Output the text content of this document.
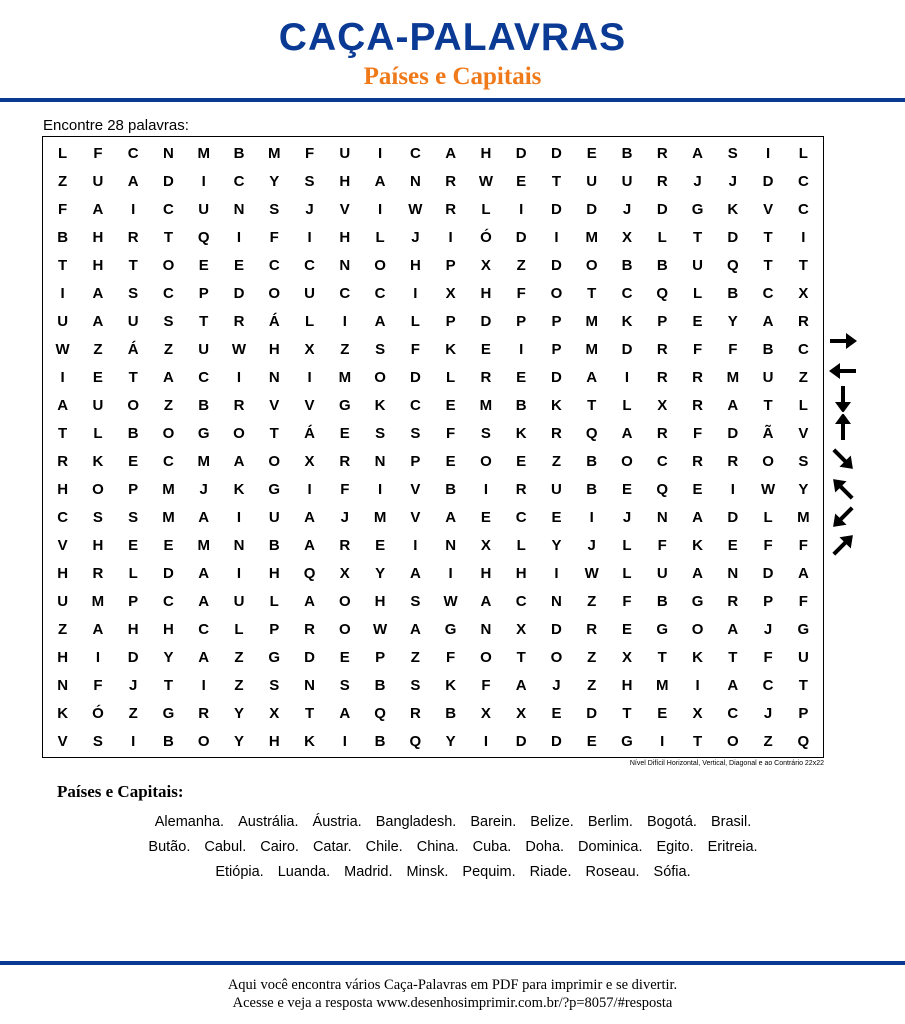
CAÇA-PALAVRAS
Países e Capitais
Encontre 28 palavras:
L	F	C	N	M	B	M	F	U	I	C	A	H	D	D	E	B	R	A	S	I	L
Z	U	A	D	I	C	Y	S	H	A	N	R	W	E	T	U	U	R	J	J	D	C
F	A	I	C	U	N	S	J	V	I	W	R	L	I	D	D	J	D	G	K	V	C
B	H	R	T	Q	I	F	I	H	L	J	I	Ó	D	I	M	X	L	T	D	T	I
T	H	T	O	E	E	C	C	N	O	H	P	X	Z	D	O	B	B	U	Q	T	T
I	A	S	C	P	D	O	U	C	C	I	X	H	F	O	T	C	Q	L	B	C	X
U	A	U	S	T	R	Á	L	I	A	L	P	D	P	P	M	K	P	E	Y	A	R
W	Z	Á	Z	U	W	H	X	Z	S	F	K	E	I	P	M	D	R	F	F	B	C
I	E	T	A	C	I	N	I	M	O	D	L	R	E	D	A	I	R	R	M	U	Z
A	U	O	Z	B	R	V	V	G	K	C	E	M	B	K	T	L	X	R	A	T	L
T	L	B	O	G	O	T	Á	E	S	S	F	S	K	R	Q	A	R	F	D	Ã	V
R	K	E	C	M	A	O	X	R	N	P	E	O	E	Z	B	O	C	R	R	O	S
H	O	P	M	J	K	G	I	F	I	V	B	I	R	U	B	E	Q	E	I	W	Y
C	S	S	M	A	I	U	A	J	M	V	A	E	C	E	I	J	N	A	D	L	M
V	H	E	E	M	N	B	A	R	E	I	N	X	L	Y	J	L	F	K	E	F	F
H	R	L	D	A	I	H	Q	X	Y	A	I	H	H	I	W	L	U	A	N	D	A
U	M	P	C	A	U	L	A	O	H	S	W	A	C	N	Z	F	B	G	R	P	F
Z	A	H	H	C	L	P	R	O	W	A	G	N	X	D	R	E	G	O	A	J	G
H	I	D	Y	A	Z	G	D	E	P	Z	F	O	T	O	Z	X	T	K	T	F	U
N	F	J	T	I	Z	S	N	S	B	S	K	F	A	J	Z	H	M	I	A	C	T
K	Ó	Z	G	R	Y	X	T	A	Q	R	B	X	X	E	D	T	E	X	C	J	P
V	S	I	B	O	Y	H	K	I	B	Q	Y	I	D	D	E	G	I	T	O	Z	Q
Nível Difícil Horizontal, Vertical, Diagonal e ao Contrário 22x22
Países e Capitais:
Alemanha. Austrália. Áustria. Bangladesh. Barein. Belize. Berlim. Bogotá. Brasil.
Butão. Cabul. Cairo. Catar. Chile. China. Cuba. Doha. Dominica. Egito. Eritreia.
Etiópia. Luanda. Madrid. Minsk. Pequim. Riade. Roseau. Sófia.
Aqui você encontra vários Caça-Palavras em PDF para imprimir e se divertir.
Acesse e veja a resposta www.desenhosimprimir.com.br/?p=8057/#resposta
